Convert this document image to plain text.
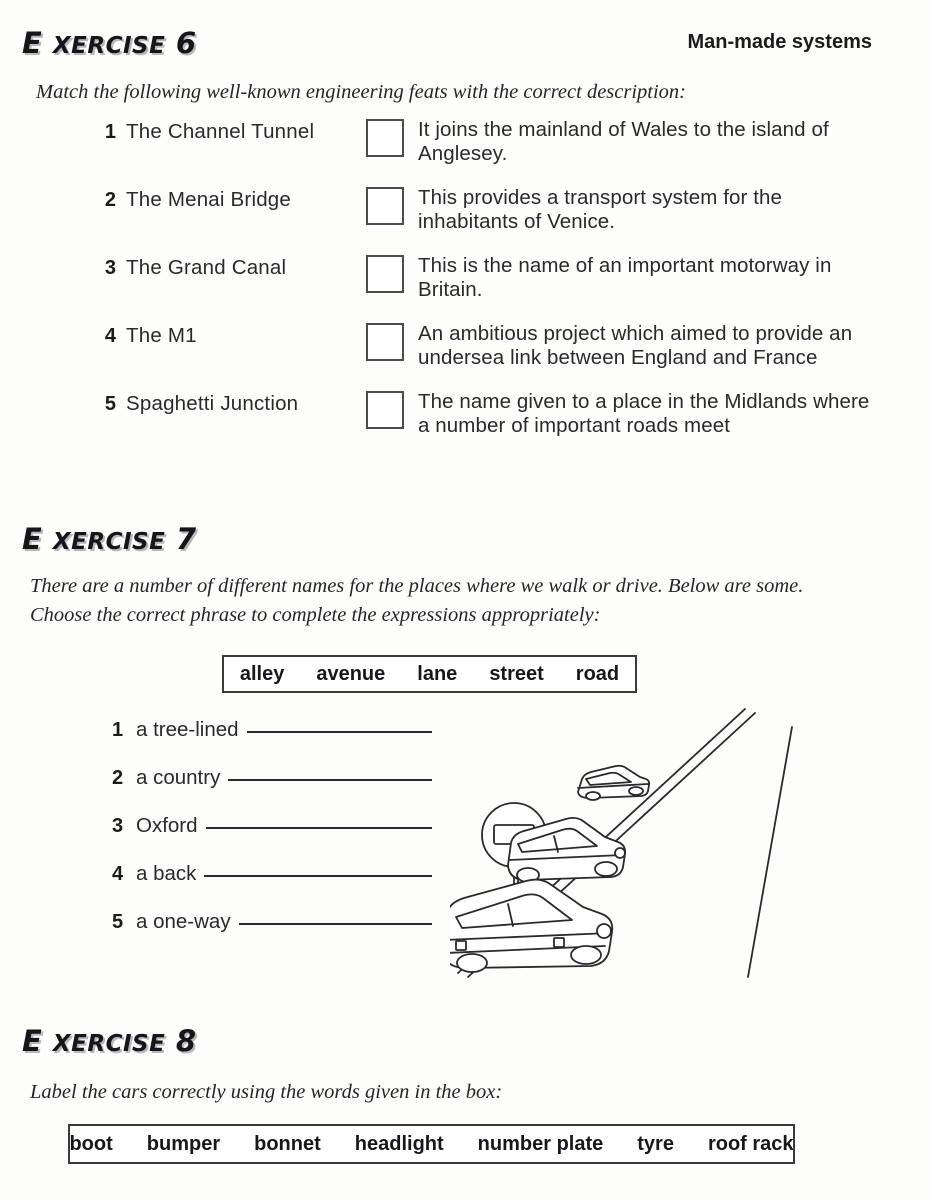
E XERCISE 6	Man-made systems
Match the following well-known engineering feats with the correct description:
1 The Channel Tunnel
2 The Menai Bridge
3 The Grand Canal
4 The M1
5 Spaghetti Junction
It joins the mainland of Wales to the island of Anglesey.
This provides a transport system for the inhabitants of Venice.
This is the name of an important motorway in Britain.
An ambitious project which aimed to provide an undersea link between England and France
The name given to a place in the Midlands where a number of important roads meet
E XERCISE 7
There are a number of different names for the places where we walk or drive. Below are some. Choose the correct phrase to complete the expressions appropriately:
alley avenue lane street road
1 a tree-lined
2 a country
3 Oxford
4 a back
5 a one-way
E XERCISE 8
Label the cars correctly using the words given in the box:
boot bumper bonnet headlight number plate tyre roof rack
